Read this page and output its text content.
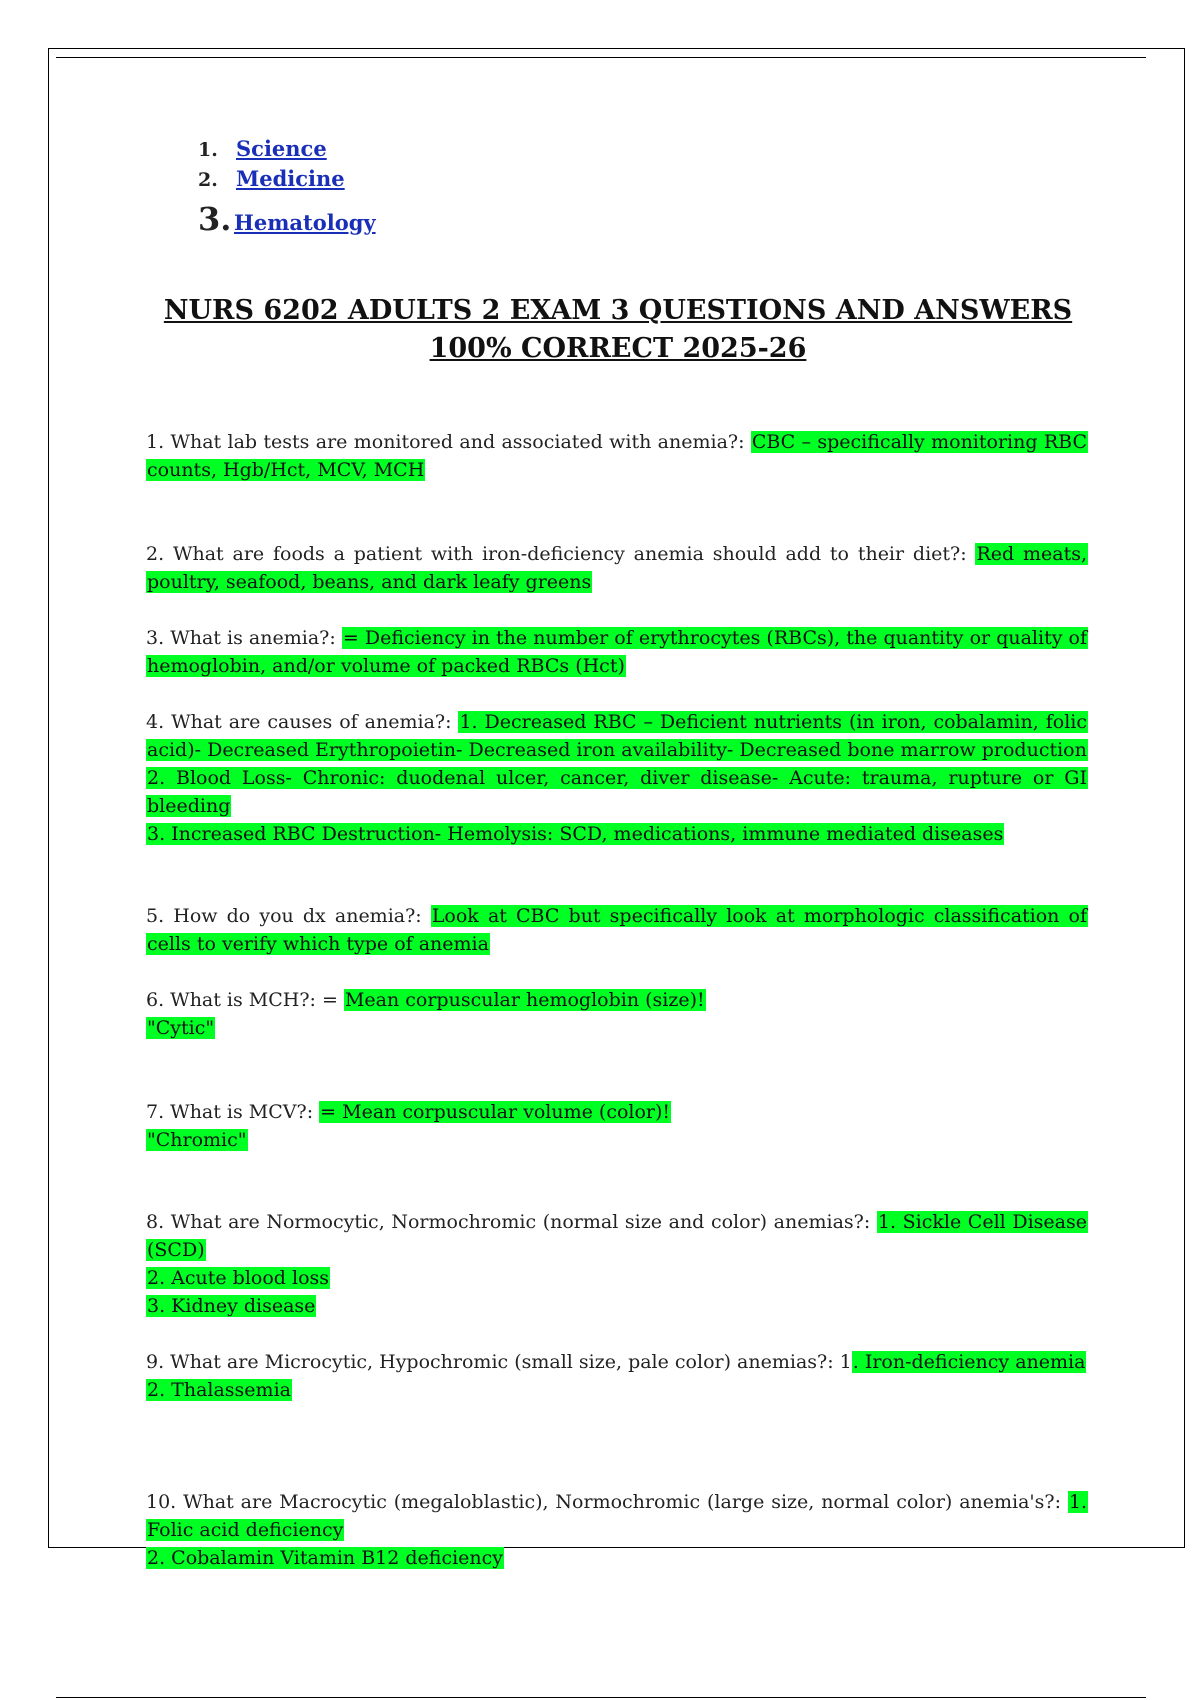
1. Science
2. Medicine
3. Hematology
NURS 6202 ADULTS 2 EXAM 3 QUESTIONS AND ANSWERS 100% CORRECT 2025-26

1. What lab tests are monitored and associated with anemia?: CBC – specifically monitoring RBC counts, Hgb/Hct, MCV, MCH

2. What are foods a patient with iron-deficiency anemia should add to their diet?: Red meats, poultry, seafood, beans, and dark leafy greens

3. What is anemia?: = Deficiency in the number of erythrocytes (RBCs), the quantity or quality of hemoglobin, and/or volume of packed RBCs (Hct)

4. What are causes of anemia?: 1. Decreased RBC – Deficient nutrients (in iron, cobalamin, folic acid)- Decreased Erythropoietin- Decreased iron availability- Decreased bone marrow production
2. Blood Loss- Chronic: duodenal ulcer, cancer, diver disease- Acute: trauma, rupture or GI bleeding
3. Increased RBC Destruction- Hemolysis: SCD, medications, immune mediated diseases

5. How do you dx anemia?: Look at CBC but specifically look at morphologic classification of cells to verify which type of anemia

6. What is MCH?: = Mean corpuscular hemoglobin (size)!
"Cytic"

7. What is MCV?: = Mean corpuscular volume (color)!
"Chromic"

8. What are Normocytic, Normochromic (normal size and color) anemias?: 1. Sickle Cell Disease (SCD)
2. Acute blood loss
3. Kidney disease

9. What are Microcytic, Hypochromic (small size, pale color) anemias?: 1. Iron-deficiency anemia
2. Thalassemia

10. What are Macrocytic (megaloblastic), Normochromic (large size, normal color) anemia's?: 1. Folic acid deficiency
2. Cobalamin Vitamin B12 deficiency
